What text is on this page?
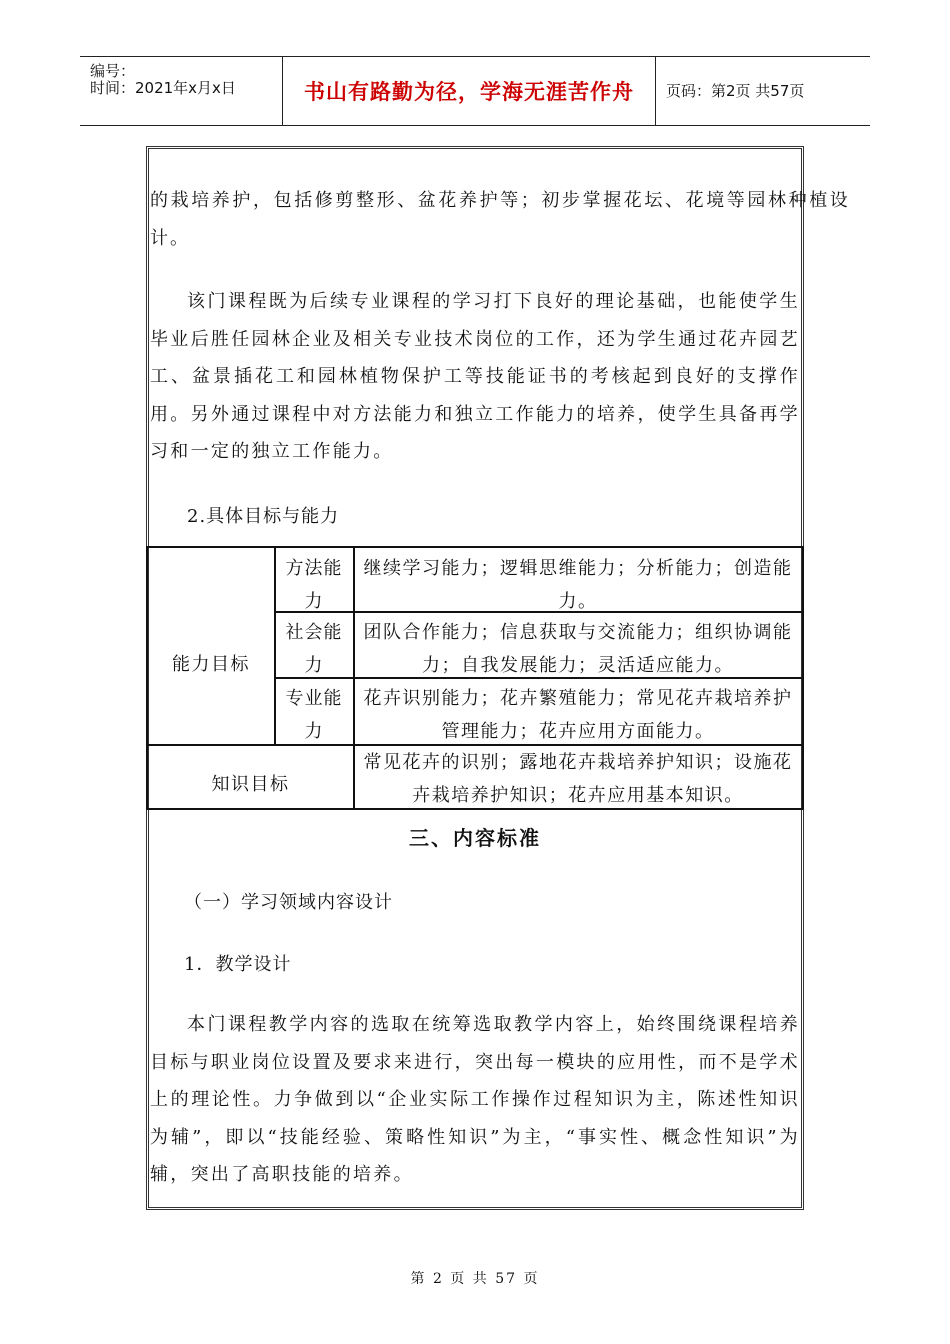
编号：
时间：2021年x月x日	书山有路勤为径，学海无涯苦作舟 页码：第2页 共57页
的栽培养护，包括修剪整形、盆花养护等；初步掌握花坛、花境等园林种植设
计。
该门课程既为后续专业课程的学习打下良好的理论基础，也能使学生毕业后胜任园林企业及相关专业技术岗位的工作，还为学生通过花卉园艺工、盆景插花工和园林植物保护工等技能证书的考核起到良好的支撑作用。另外通过课程中对方法能力和独立工作能力的培养，使学生具备再学习和一定的独立工作能力。
2.具体目标与能力
能力目标
方法能力
继续学习能力；逻辑思维能力；分析能力；创造能力。
社会能力
团队合作能力；信息获取与交流能力；组织协调能力；自我发展能力；灵活适应能力。
专业能力
花卉识别能力；花卉繁殖能力；常见花卉栽培养护管理能力；花卉应用方面能力。
知识目标
常见花卉的识别；露地花卉栽培养护知识；设施花卉栽培养护知识；花卉应用基本知识。
三、内容标准
（一）学习领域内容设计
1．教学设计
本门课程教学内容的选取在统筹选取教学内容上，始终围绕课程培养目标与职业岗位设置及要求来进行，突出每一模块的应用性，而不是学术上的理论性。力争做到以“企业实际工作操作过程知识为主，陈述性知识为辅”，即以“技能经验、策略性知识”为主，“事实性、概念性知识”为辅，突出了高职技能的培养。
第 2 页 共 57 页
